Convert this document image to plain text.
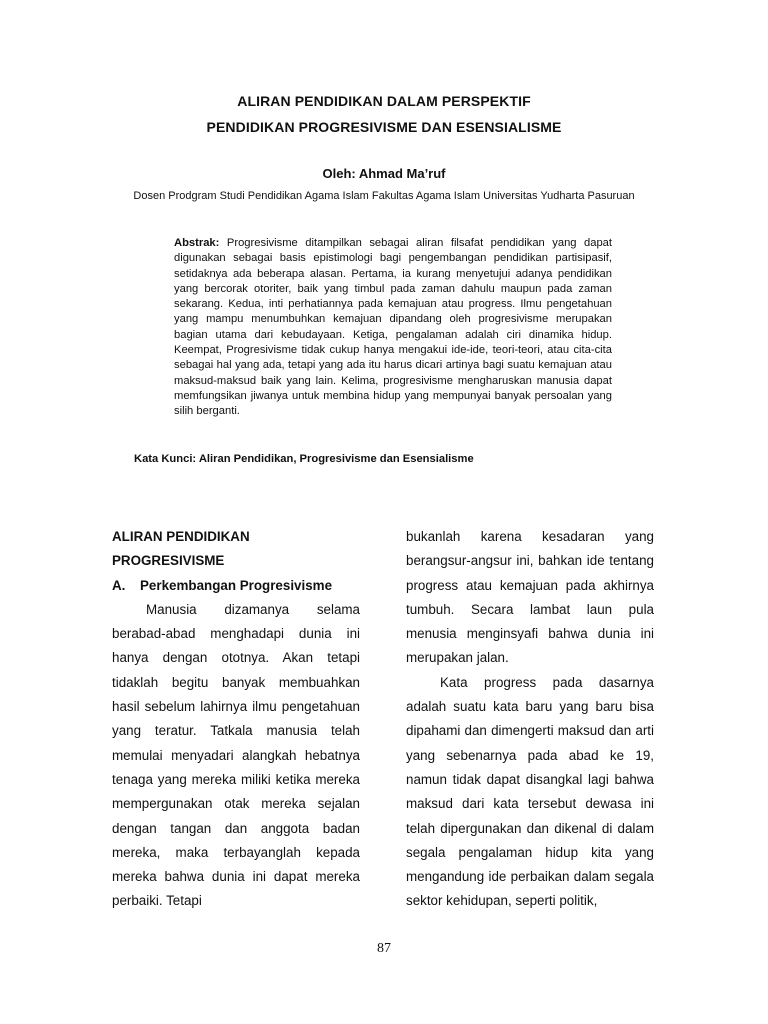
ALIRAN PENDIDIKAN DALAM PERSPEKTIF
PENDIDIKAN PROGRESIVISME DAN ESENSIALISME
Oleh: Ahmad Ma’ruf
Dosen Prodgram Studi Pendidikan Agama Islam Fakultas Agama Islam Universitas Yudharta Pasuruan

Abstrak: Progresivisme ditampilkan sebagai aliran filsafat pendidikan yang dapat digunakan sebagai basis epistimologi bagi pengembangan pendidikan partisipasif, setidaknya ada beberapa alasan. Pertama, ia kurang menyetujui adanya pendidikan yang bercorak otoriter, baik yang timbul pada zaman dahulu maupun pada zaman sekarang. Kedua, inti perhatiannya pada kemajuan atau progress. Ilmu pengetahuan yang mampu menumbuhkan kemajuan dipandang oleh progresivisme merupakan bagian utama dari kebudayaan. Ketiga, pengalaman adalah ciri dinamika hidup. Keempat, Progresivisme tidak cukup hanya mengakui ide-ide, teori-teori, atau cita-cita sebagai hal yang ada, tetapi yang ada itu harus dicari artinya bagi suatu kemajuan atau maksud-maksud baik yang lain. Kelima, progresivisme mengharuskan manusia dapat memfungsikan jiwanya untuk membina hidup yang mempunyai banyak persoalan yang silih berganti.

Kata Kunci: Aliran Pendidikan, Progresivisme dan Esensialisme

ALIRAN PENDIDIKAN

PROGRESIVISME

A. Perkembangan Progresivisme

Manusia dizamanya selama berabad-abad menghadapi dunia ini hanya dengan ototnya. Akan tetapi tidaklah begitu banyak membuahkan hasil sebelum lahirnya ilmu pengetahuan yang teratur. Tatkala manusia telah memulai menyadari alangkah hebatnya tenaga yang mereka miliki ketika mereka mempergunakan otak mereka sejalan dengan tangan dan anggota badan mereka, maka terbayanglah kepada mereka bahwa dunia ini dapat mereka perbaiki. Tetapi

bukanlah karena kesadaran yang berangsur-angsur ini, bahkan ide tentang progress atau kemajuan pada akhirnya tumbuh. Secara lambat laun pula menusia menginsyafi bahwa dunia ini merupakan jalan.

Kata progress pada dasarnya adalah suatu kata baru yang baru bisa dipahami dan dimengerti maksud dan arti yang sebenarnya pada abad ke 19, namun tidak dapat disangkal lagi bahwa maksud dari kata tersebut dewasa ini telah dipergunakan dan dikenal di dalam segala pengalaman hidup kita yang mengandung ide perbaikan dalam segala sektor kehidupan, seperti politik,

87
